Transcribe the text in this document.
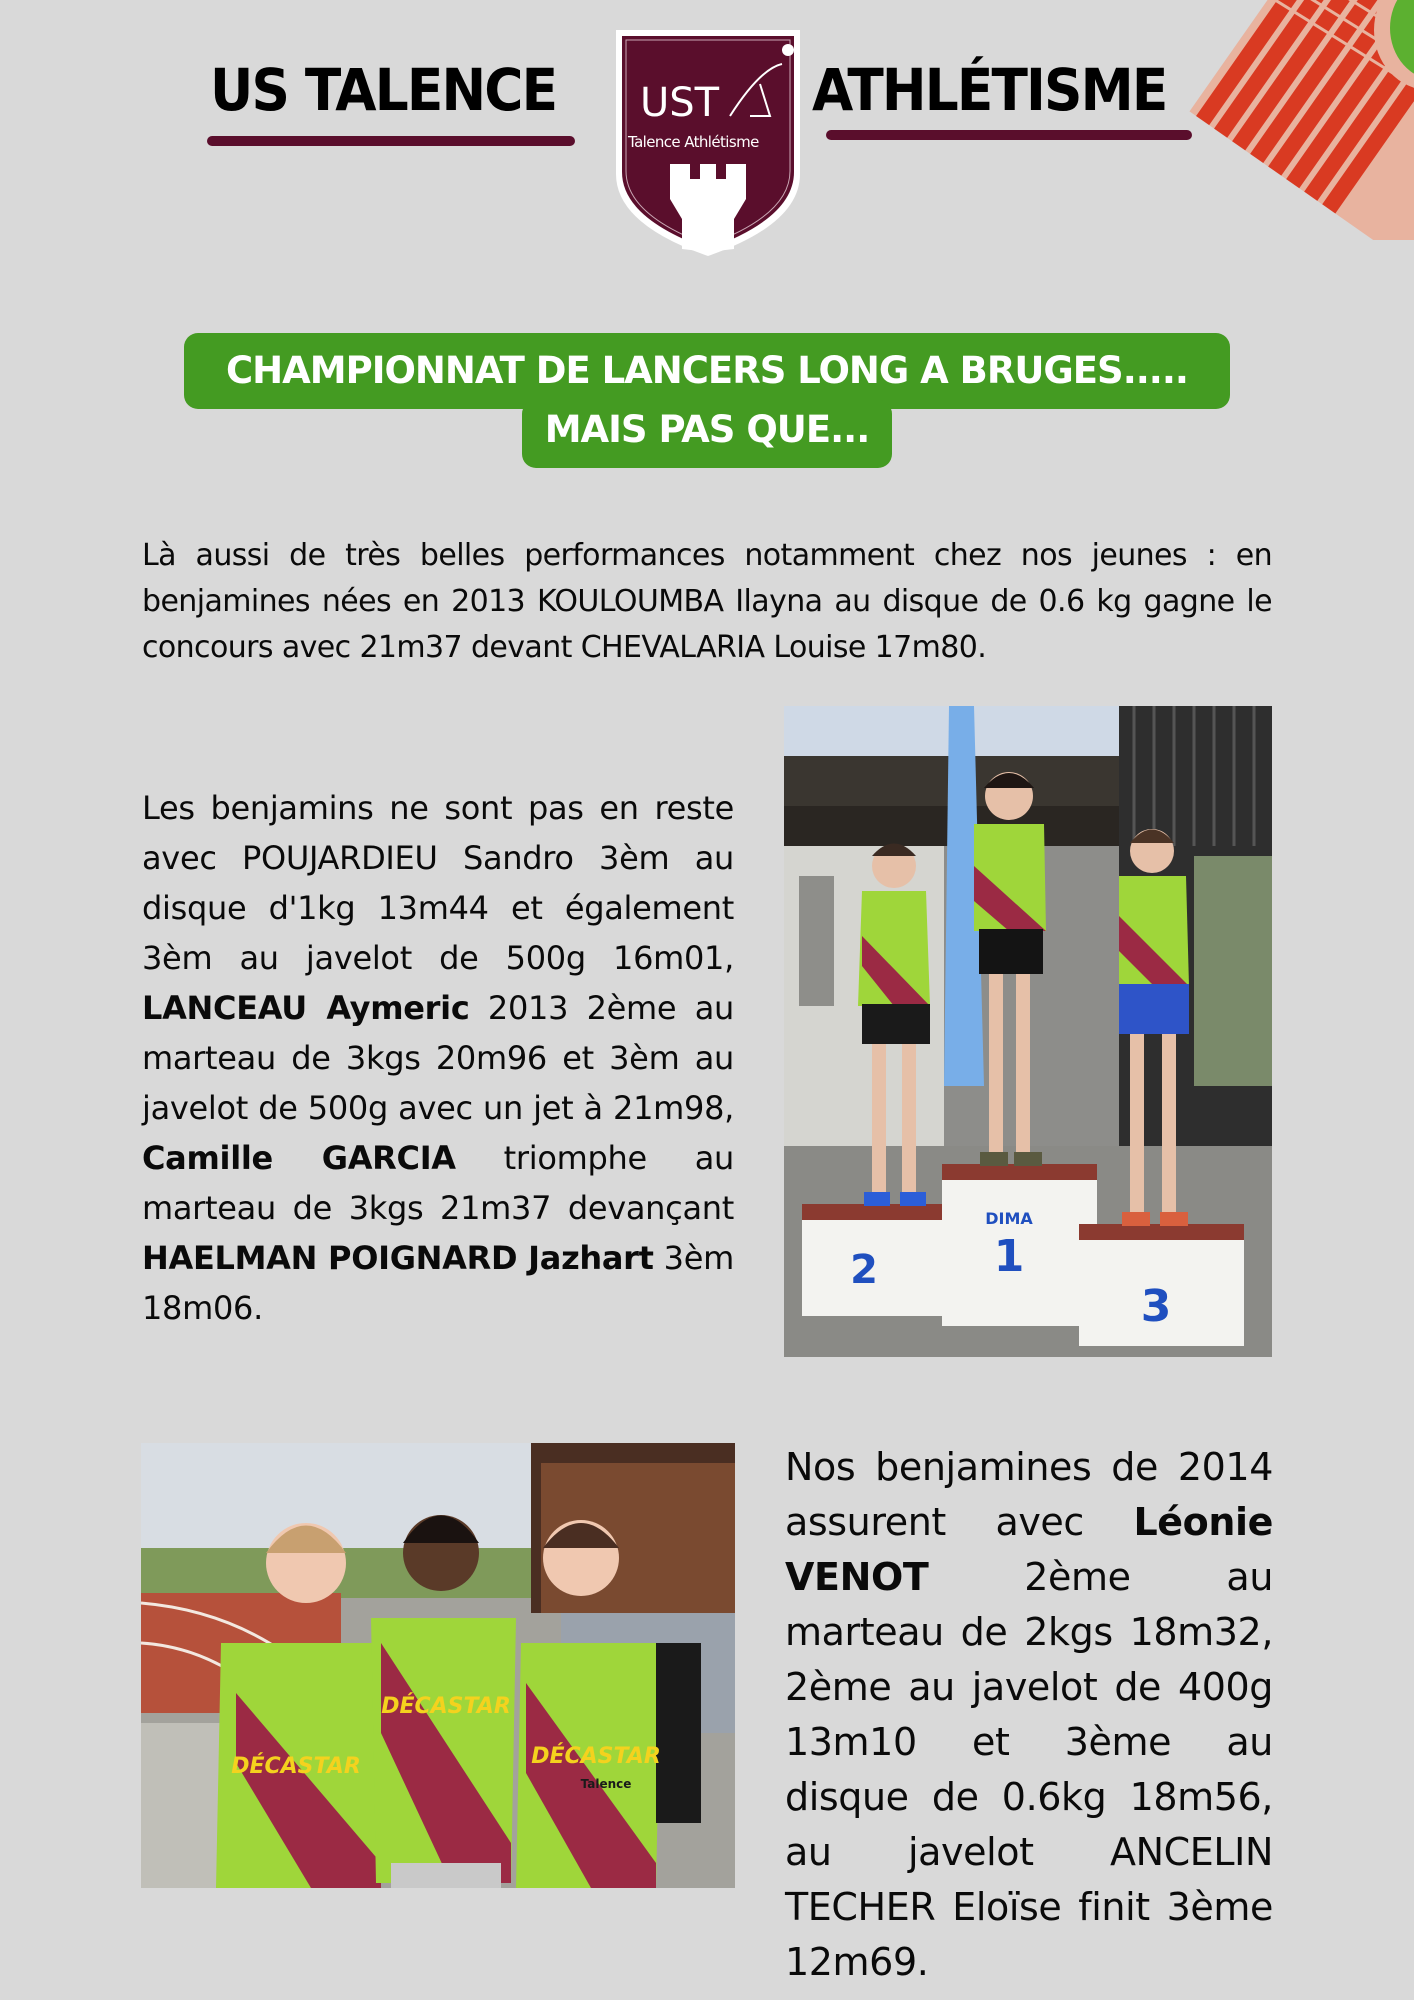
US TALENCE UST
Talence Athlétisme
ATHLÉTISME
CHAMPIONNAT DE LANCERS LONG A BRUGES.....
MAIS PAS QUE...

Là aussi de très belles performances notamment chez nos jeunes : en benjamines nées en 2013 KOULOUMBA Ilayna au disque de 0.6 kg gagne le concours avec 21m37 devant CHEVALARIA Louise 17m80.

Les benjamins ne sont pas en reste avec POUJARDIEU Sandro 3èm au disque d'1kg 13m44 et également 3èm au javelot de 500g 16m01, LANCEAU Aymeric 2013 2ème au marteau de 3kgs 20m96 et 3èm au javelot de 500g avec un jet à 21m98, Camille GARCIA triomphe au marteau de 3kgs 21m37 devançant HAELMAN POIGNARD Jazhart 3èm 18m06.

2	1
3
DIMA
DÉCASTAR
DÉCASTAR
DÉCASTAR
Talence

Nos benjamines de 2014 assurent avec Léonie VENOT 2ème au marteau de 2kgs 18m32, 2ème au javelot de 400g 13m10 et 3ème au disque de 0.6kg 18m56, au javelot ANCELIN TECHER Eloïse finit 3ème 12m69.
